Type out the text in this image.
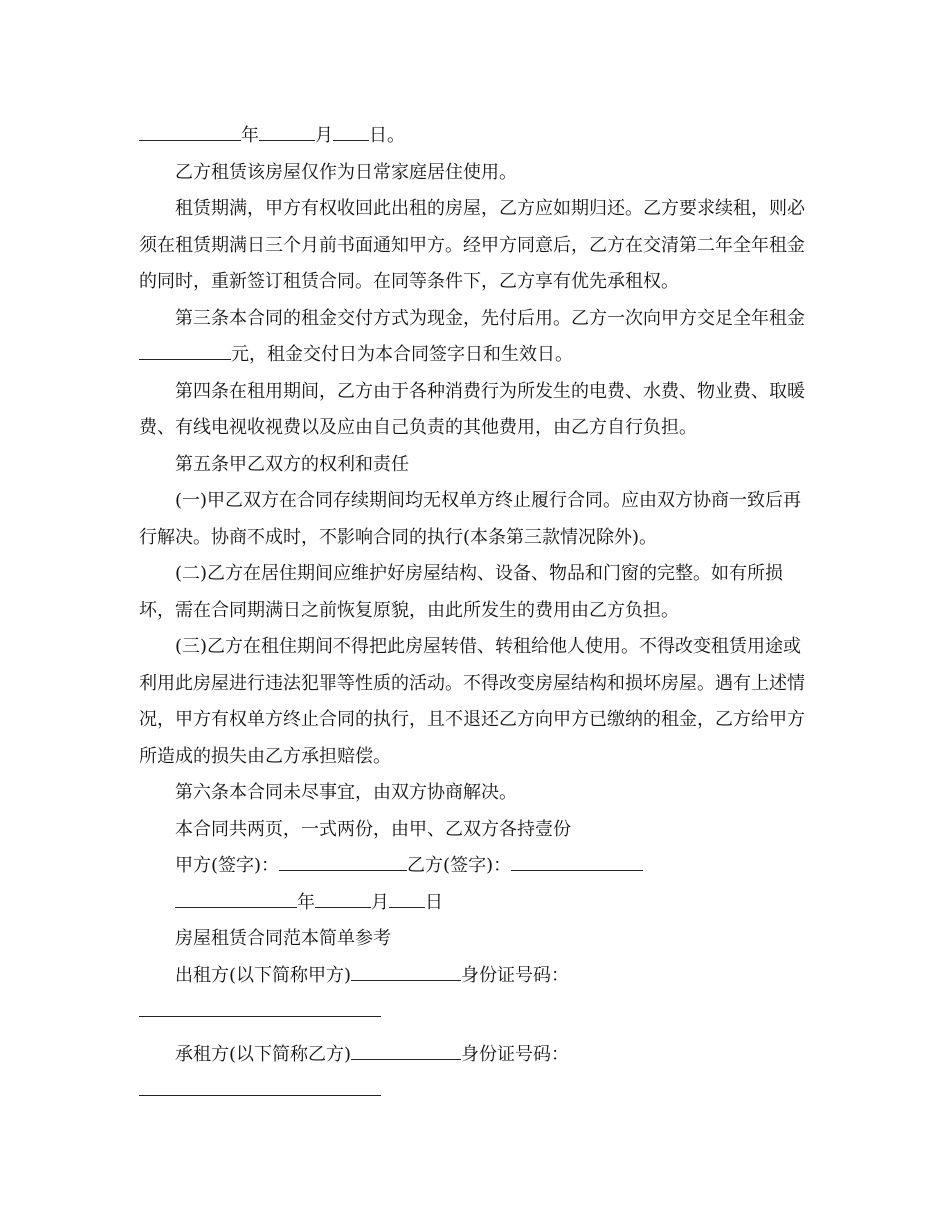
年	月 日。

乙方租赁该房屋仅作为日常家庭居住使用。

租赁期满，甲方有权收回此出租的房屋，乙方应如期归还。乙方要求续租，则必须在租赁期满日三个月前书面通知甲方。经甲方同意后，乙方在交清第二年全年租金的同时，重新签订租赁合同。在同等条件下，乙方享有优先承租权。

第三条本合同的租金交付方式为现金，先付后用。乙方一次向甲方交足全年租金元，租金交付日为本合同签字日和生效日。

第四条在租用期间，乙方由于各种消费行为所发生的电费、水费、物业费、取暖费、有线电视收视费以及应由自己负责的其他费用，由乙方自行负担。

第五条甲乙双方的权利和责任

(一)甲乙双方在合同存续期间均无权单方终止履行合同。应由双方协商一致后再行解决。协商不成时，不影响合同的执行(本条第三款情况除外)。

(二)乙方在居住期间应维护好房屋结构、设备、物品和门窗的完整。如有所损坏，需在合同期满日之前恢复原貌，由此所发生的费用由乙方负担。

(三)乙方在租住期间不得把此房屋转借、转租给他人使用。不得改变租赁用途或利用此房屋进行违法犯罪等性质的活动。不得改变房屋结构和损坏房屋。遇有上述情况，甲方有权单方终止合同的执行，且不退还乙方向甲方已缴纳的租金，乙方给甲方所造成的损失由乙方承担赔偿。

第六条本合同未尽事宜，由双方协商解决。

本合同共两页，一式两份，由甲、乙双方各持壹份

甲方(签字)：	乙方(签字)：

年	月 日

房屋租赁合同范本简单参考

出租方(以下简称甲方)	身份证号码：

承租方(以下简称乙方)	身份证号码：
